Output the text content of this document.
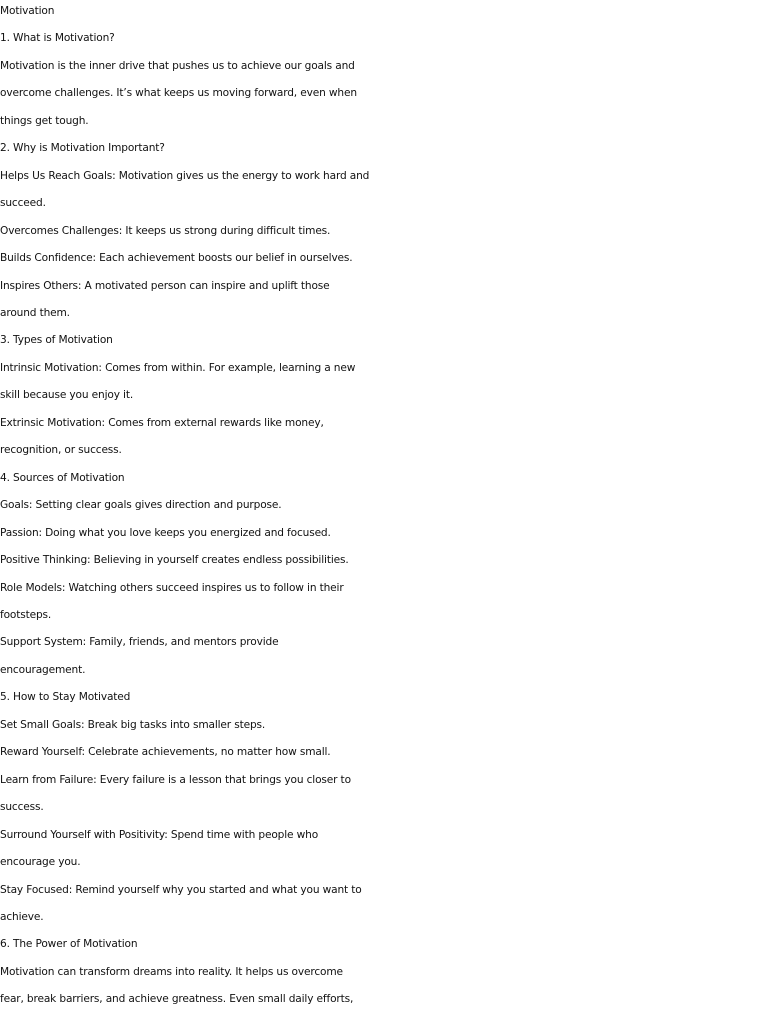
Motivation

1. What is Motivation?

Motivation is the inner drive that pushes us to achieve our goals and

overcome challenges. It’s what keeps us moving forward, even when

things get tough.

2. Why is Motivation Important?

Helps Us Reach Goals: Motivation gives us the energy to work hard and

succeed.

Overcomes Challenges: It keeps us strong during difficult times.

Builds Confidence: Each achievement boosts our belief in ourselves.

Inspires Others: A motivated person can inspire and uplift those

around them.

3. Types of Motivation

Intrinsic Motivation: Comes from within. For example, learning a new

skill because you enjoy it.

Extrinsic Motivation: Comes from external rewards like money,

recognition, or success.

4. Sources of Motivation

Goals: Setting clear goals gives direction and purpose.

Passion: Doing what you love keeps you energized and focused.

Positive Thinking: Believing in yourself creates endless possibilities.

Role Models: Watching others succeed inspires us to follow in their

footsteps.

Support System: Family, friends, and mentors provide

encouragement.

5. How to Stay Motivated

Set Small Goals: Break big tasks into smaller steps.

Reward Yourself: Celebrate achievements, no matter how small.

Learn from Failure: Every failure is a lesson that brings you closer to

success.

Surround Yourself with Positivity: Spend time with people who

encourage you.

Stay Focused: Remind yourself why you started and what you want to

achieve.

6. The Power of Motivation

Motivation can transform dreams into reality. It helps us overcome

fear, break barriers, and achieve greatness. Even small daily efforts,
